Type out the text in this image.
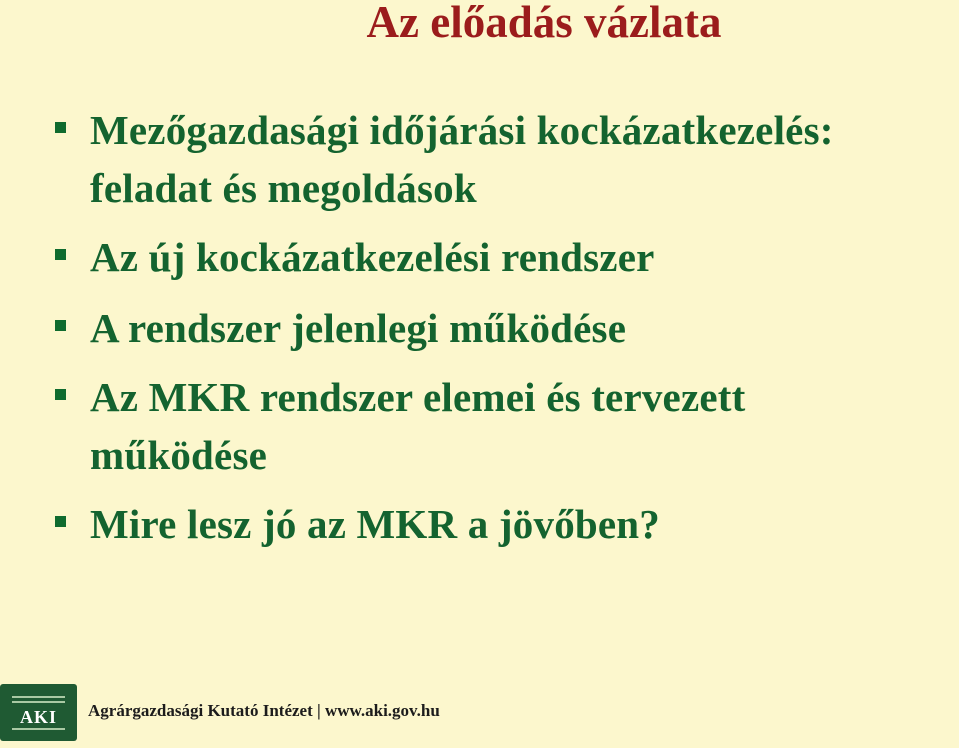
Az előadás vázlata
Mezőgazdasági időjárási kockázatkezelés:
feladat és megoldások
Az új kockázatkezelési rendszer
A rendszer jelenlegi működése
Az MKR rendszer elemei és tervezett
működése
Mire lesz jó az MKR a jövőben?
AKI	Agrárgazdasági Kutató Intézet | www.aki.gov.hu
